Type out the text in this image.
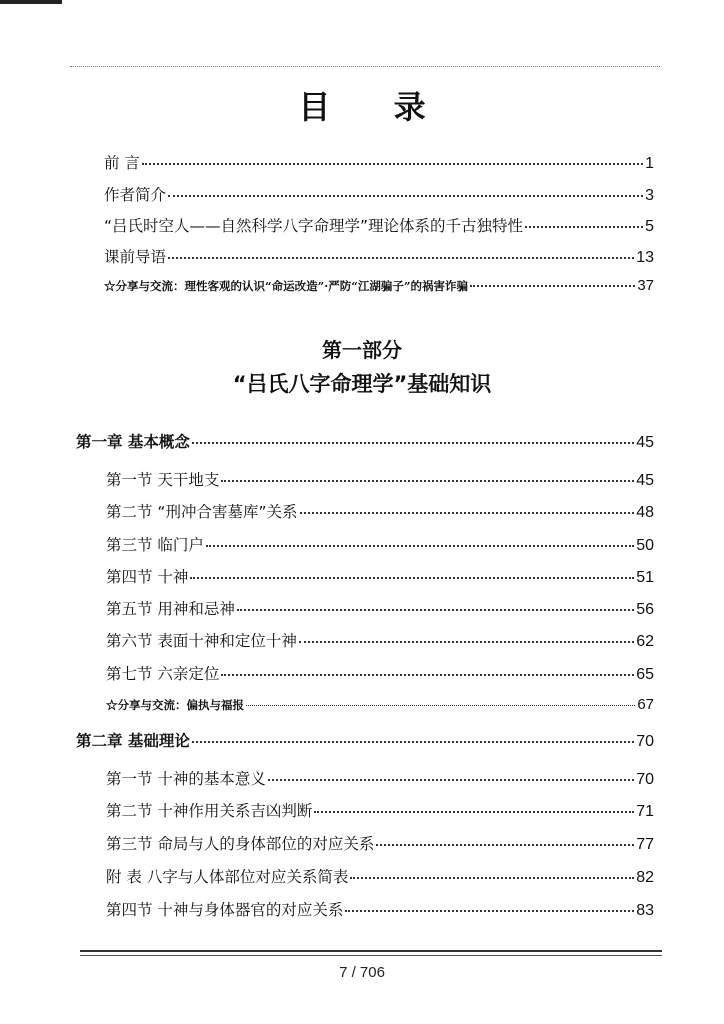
目 录
前 言	1
作者简介	3
“吕氏时空人——自然科学八字命理学”理论体系的千古独特性	5
课前导语	13
☆分享与交流：理性客观的认识“命运改造”·严防“江湖骗子”的祸害诈骗	37
第一部分
“吕氏八字命理学”基础知识
第一章 基本概念	45
第一节 天干地支	45
第二节 “刑冲合害墓库”关系	48
第三节 临门户	50
第四节 十神	51
第五节 用神和忌神	56
第六节 表面十神和定位十神	62
第七节 六亲定位	65
☆分享与交流：偏执与福报	67
第二章 基础理论	70
第一节 十神的基本意义	70
第二节 十神作用关系吉凶判断	71
第三节 命局与人的身体部位的对应关系	77
附 表 八字与人体部位对应关系简表	82
第四节 十神与身体器官的对应关系	83
7 / 706
